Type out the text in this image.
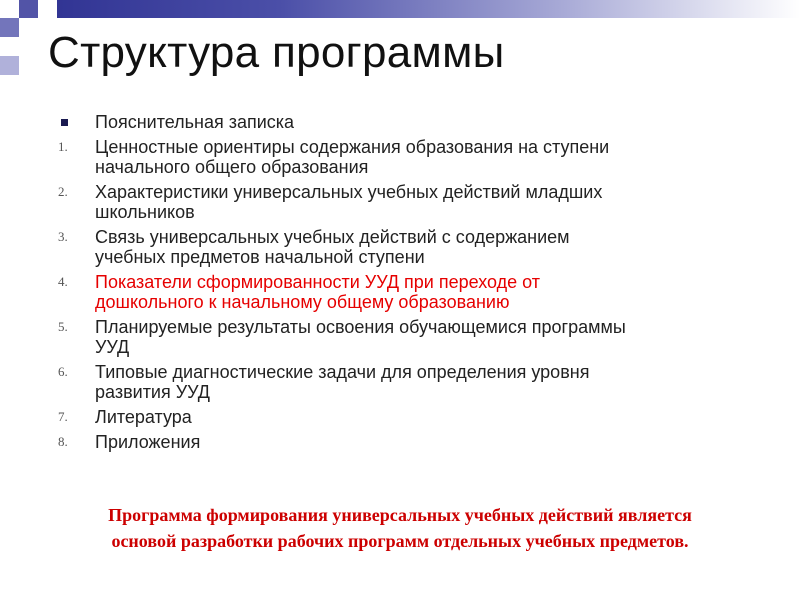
Структура программы
Пояснительная записка
1.	Ценностные ориентиры содержания образования на ступени
начального общего образования
2.	Характеристики универсальных учебных действий младших
школьников
3.	Связь универсальных учебных действий с содержанием
учебных предметов начальной ступени
4.	Показатели сформированности УУД при переходе от
дошкольного к начальному общему образованию
5.	Планируемые результаты освоения обучающемися программы
УУД
6.	Типовые диагностические задачи для определения уровня
развития УУД
7.	Литература
8.	Приложения
Программа формирования универсальных учебных действий является
основой разработки рабочих программ отдельных учебных предметов.
